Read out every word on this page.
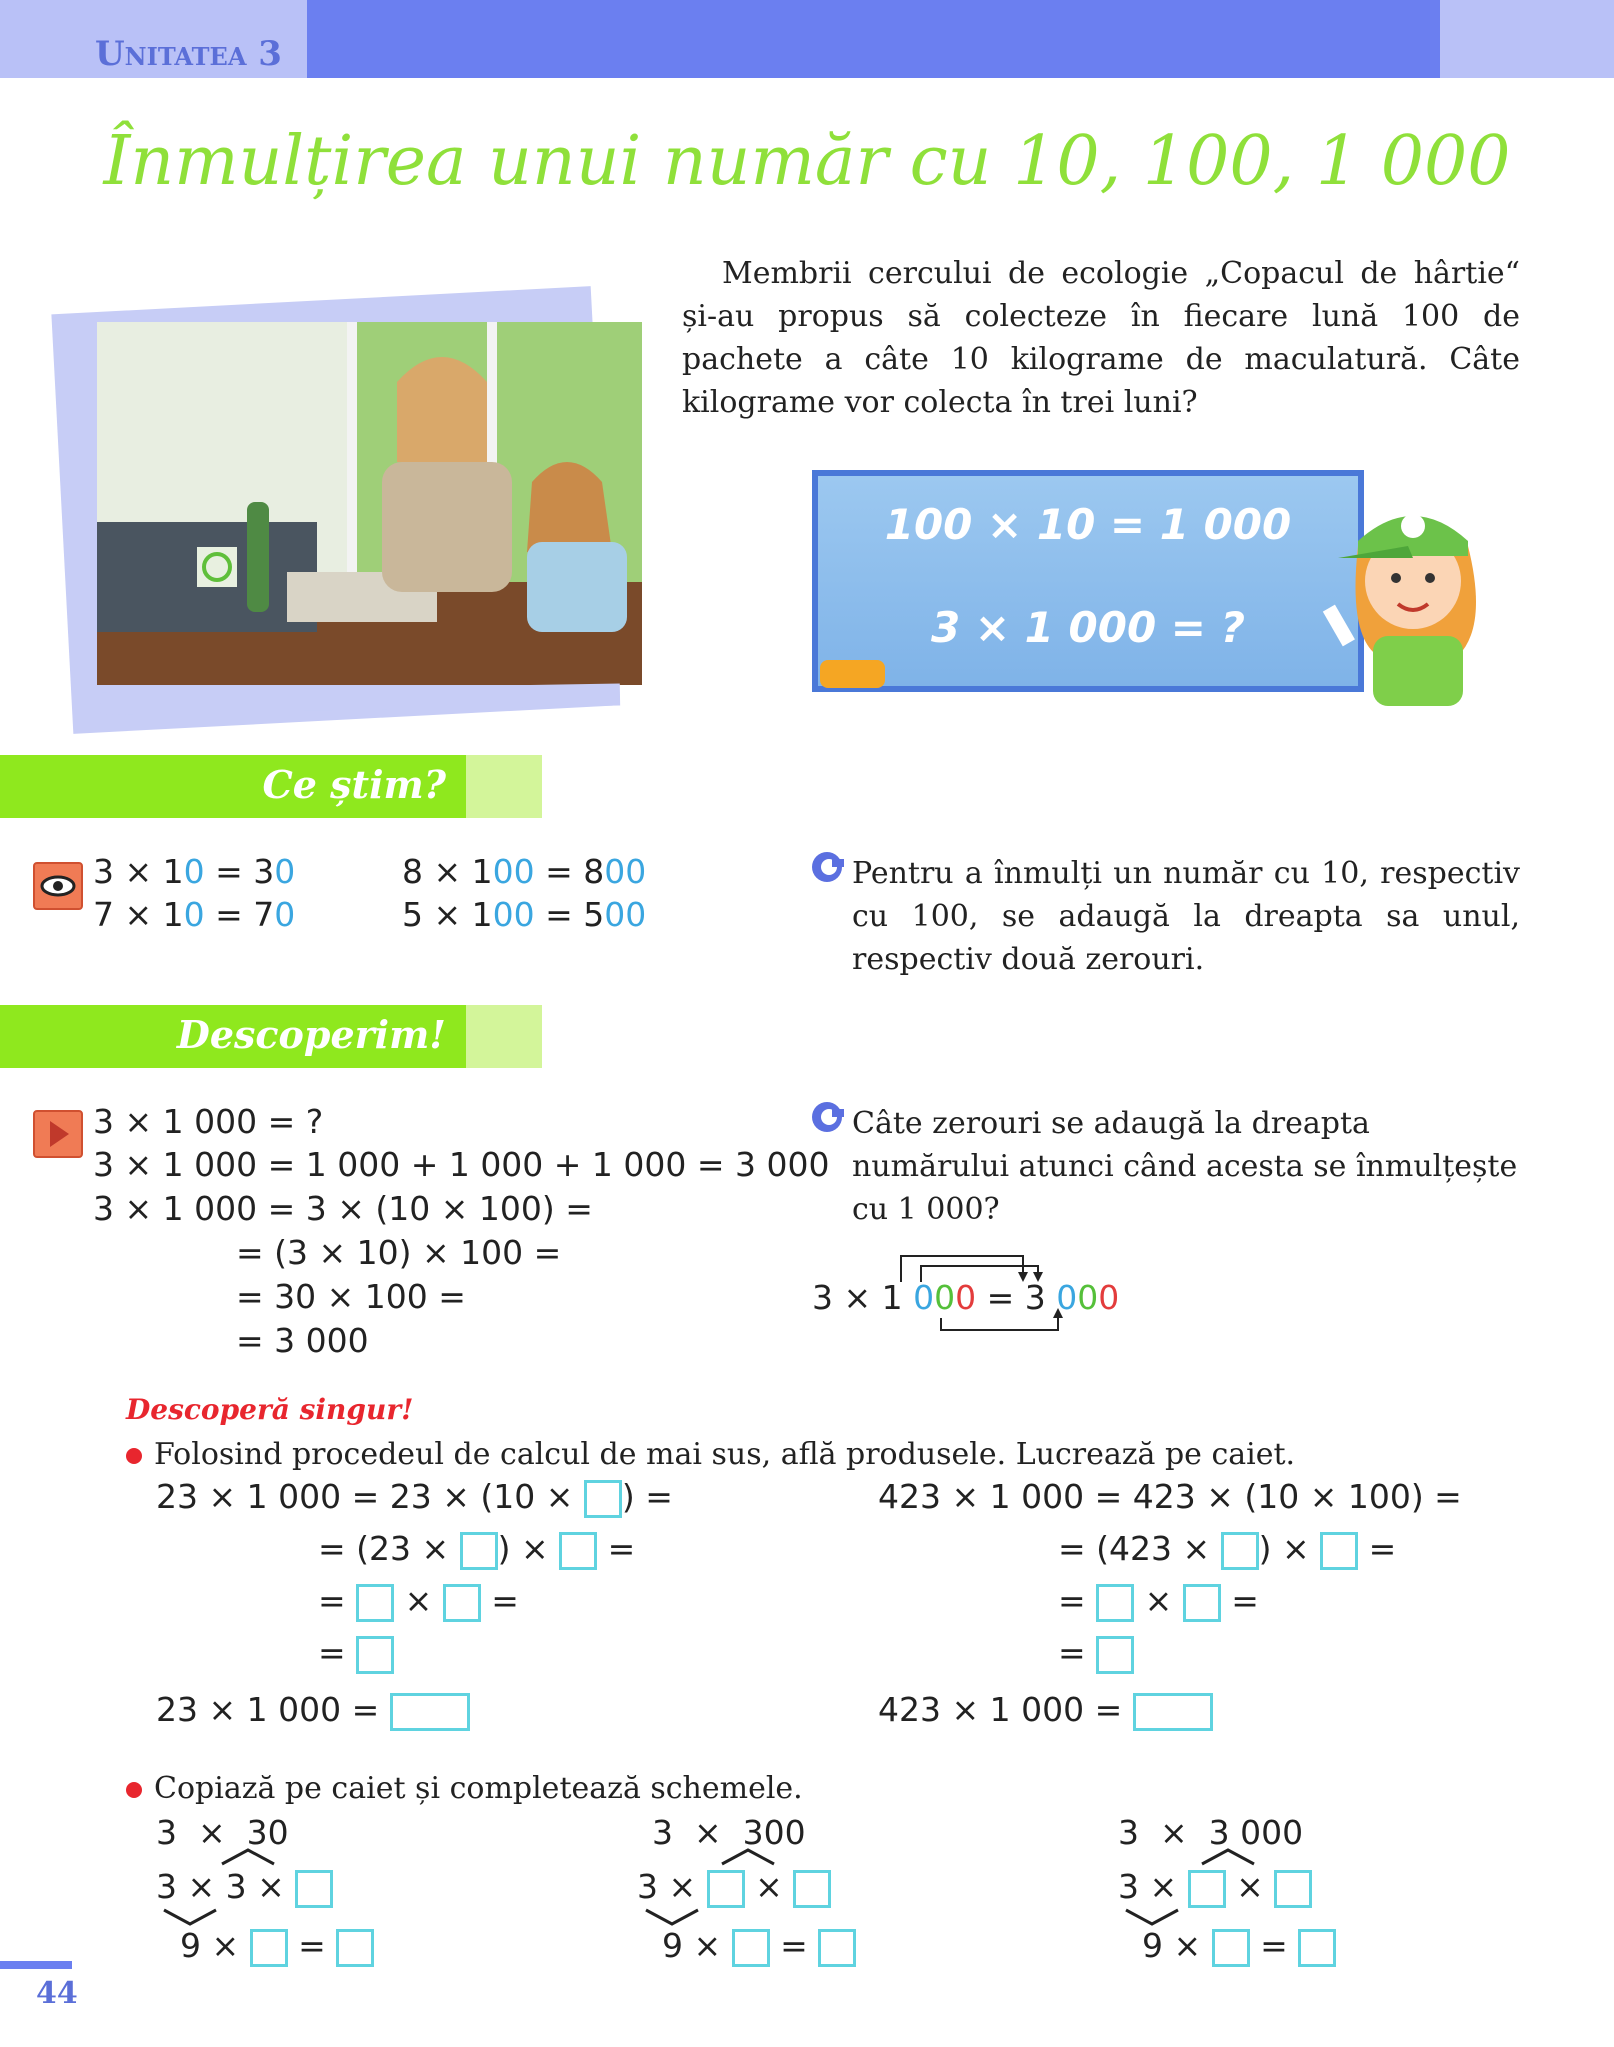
Unitatea 3
Înmulțirea unui număr cu 10, 100, 1 000
Membrii cercului de ecologie „Copacul de hârtie“ și-au propus să colecteze în fiecare lună 100 de pachete a câte 10 kilograme de maculatură. Câte kilograme vor colecta în trei luni?
100 × 10 = 1 000
3 × 1 000 = ?
Ce știm?
3 × 10 = 30
7 × 10 = 70
8 × 100 = 800
5 × 100 = 500
Pentru a înmulți un număr cu 10, respectiv cu 100, se adaugă la dreapta sa unul, respectiv două zerouri.
Descoperim!
3 × 1 000 = ?
3 × 1 000 = 1 000 + 1 000 + 1 000 = 3 000
3 × 1 000 = 3 × (10 × 100) =
= (3 × 10) × 100 =
= 30 × 100 =
= 3 000
Câte zerouri se adaugă la dreapta numărului atunci când acesta se înmulțește cu 1 000?
3 × 1 000 = 3 000
Descoperă singur!
Folosind procedeul de calcul de mai sus, află produsele. Lucrează pe caiet.
23 × 1 000 = 23 × (10 × ) =
= (23 × ) ×  =
=  ×  =
=
23 × 1 000 =
423 × 1 000 = 423 × (10 × 100) =
= (423 × ) ×  =
=  ×  =
=
423 × 1 000 =
Copiază pe caiet și completează schemele.
3  ×  30
3 × 3 ×
9 ×  =
3  ×  300
3 ×  ×
9 ×  =
3  ×  3 000
3 ×  ×
9 ×  =
44
